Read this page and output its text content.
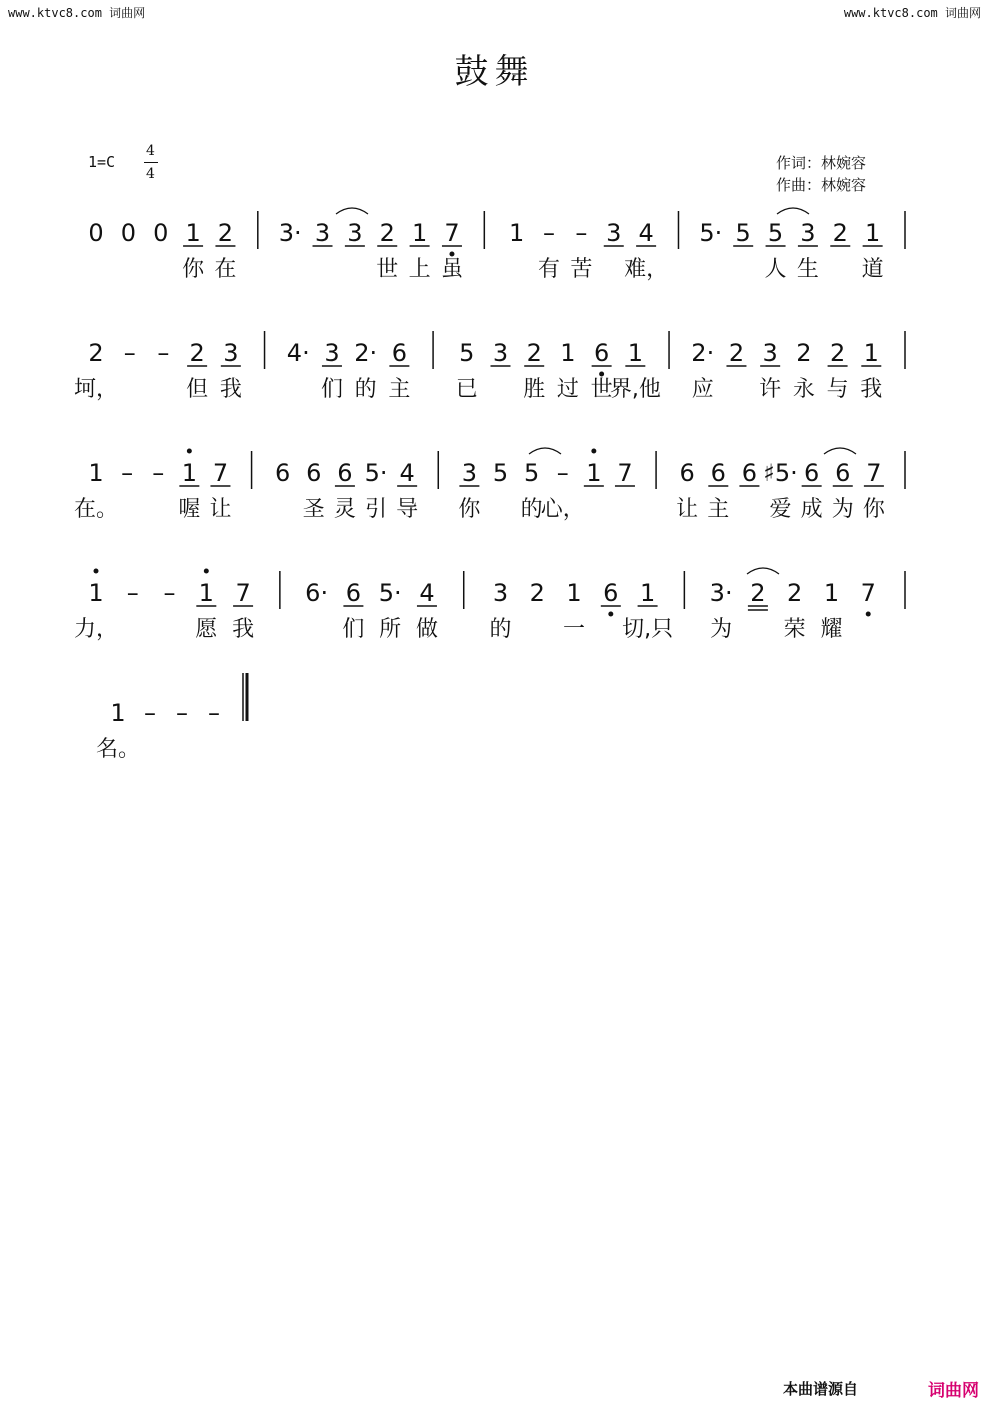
www.ktvc8.com 词曲网	www.ktvc8.com 词曲网
鼓舞
1=C
4
4
作词：林婉容
作曲：林婉容
0 0 0 1
你
2
在
3· 3 3 2
世
1
上
7
虽
1 –
有
–
苦
3 4
难，
5· 5 5
人
3
生
2 1
道
2
坷，
– – 2
但
3
我
4· 3
们
2·
的
6
主
5
已
3 2
胜
1
过
6
世
1
界,他
2·
应
2 3
许
2
永
2
与
1
我
1
在。
– – 1
喔
7
让
6 6
圣
6
灵
5·
引
4
导
3
你
5 5
的
–
心，
1 7 6
让
6
主
6 ♯5·
爱
6
成
6
为
7
你
1
力，
– – 1
愿
7
我
6· 6
们
5·
所
4
做
3
的
2 1
一
6 1
切,只
3·
为
2 2
荣
1
耀
7
1
名。
– – –
本曲谱源自	词曲网
